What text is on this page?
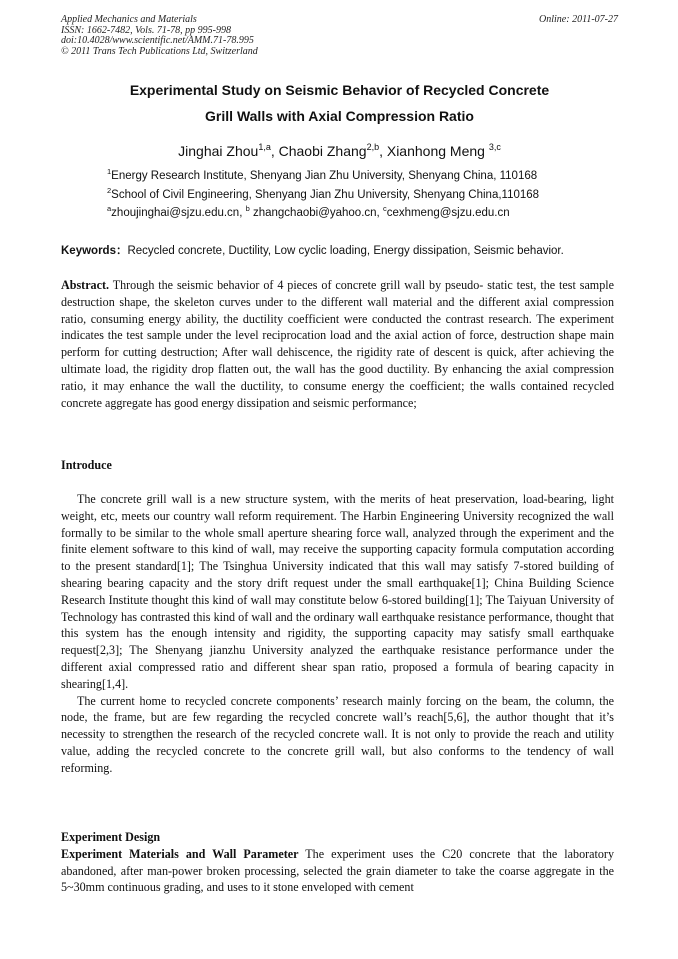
Applied Mechanics and Materials
ISSN: 1662-7482, Vols. 71-78, pp 995-998
doi:10.4028/www.scientific.net/AMM.71-78.995
© 2011 Trans Tech Publications Ltd, Switzerland
Online: 2011-07-27
Experimental Study on Seismic Behavior of Recycled Concrete
Grill Walls with Axial Compression Ratio
Jinghai Zhou$^{1,a}$, Chaobi Zhang$^{2,b}$, Xianhong Meng $^{3,c}$
$^1$Energy Research Institute, Shenyang Jian Zhu University, Shenyang China, 110168
$^2$School of Civil Engineering, Shenyang Jian Zhu University, Shenyang China,110168
$^a$zhoujinghai@sjzu.edu.cn, $^b$ zhangchaobi@yahoo.cn, $^c$cexhmeng@sjzu.edu.cn
Keywords：Recycled concrete, Ductility, Low cyclic loading, Energy dissipation, Seismic behavior.

Abstract. Through the seismic behavior of 4 pieces of concrete grill wall by pseudo- static test, the test sample destruction shape, the skeleton curves under to the different wall material and the different axial compression ratio, consuming energy ability, the ductility coefficient were conducted the contrast research. The experiment indicates the test sample under the level reciprocation load and the axial action of force, destruction shape main perform for cutting destruction; After wall dehiscence, the rigidity rate of descent is quick, after achieving the ultimate load, the rigidity drop flatten out, the wall has the good ductility. By enhancing the axial compression ratio, it may enhance the wall the ductility, to consume energy the coefficient; the walls contained recycled concrete aggregate has good energy dissipation and seismic performance;

Introduce

The concrete grill wall is a new structure system, with the merits of heat preservation, load-bearing, light weight, etc, meets our country wall reform requirement. The Harbin Engineering University recognized the wall formally to be similar to the whole small aperture shearing force wall, analyzed through the experiment and the finite element software to this kind of wall, may receive the supporting capacity formula computation according to the present standard[1]; The Tsinghua University indicated that this wall may satisfy 7-stored building of shearing bearing capacity and the story drift request under the small earthquake[1]; China Building Science Research Institute thought this kind of wall may constitute below 6-stored building[1]; The Taiyuan University of Technology has contrasted this kind of wall and the ordinary wall earthquake resistance performance, thought that this system has the enough intensity and rigidity, the supporting capacity may satisfy small earthquake request[2,3]; The Shenyang jianzhu University analyzed the earthquake resistance performance under the different axial compressed ratio and different shear span ratio, proposed a formula of bearing capacity in shearing[1,4].

The current home to recycled concrete components’ research mainly forcing on the beam, the column, the node, the frame, but are few regarding the recycled concrete wall’s reach[5,6], the author thought that it’s necessity to strengthen the research of the recycled concrete wall. It is not only to provide the reach and utility value, adding the recycled concrete to the concrete grill wall, but also conforms to the tendency of wall reforming.

Experiment Design

Experiment Materials and Wall Parameter The experiment uses the C20 concrete that the laboratory abandoned, after man-power broken processing, selected the grain diameter to take the coarse aggregate in the 5~30mm continuous grading, and uses to it stone enveloped with cement
